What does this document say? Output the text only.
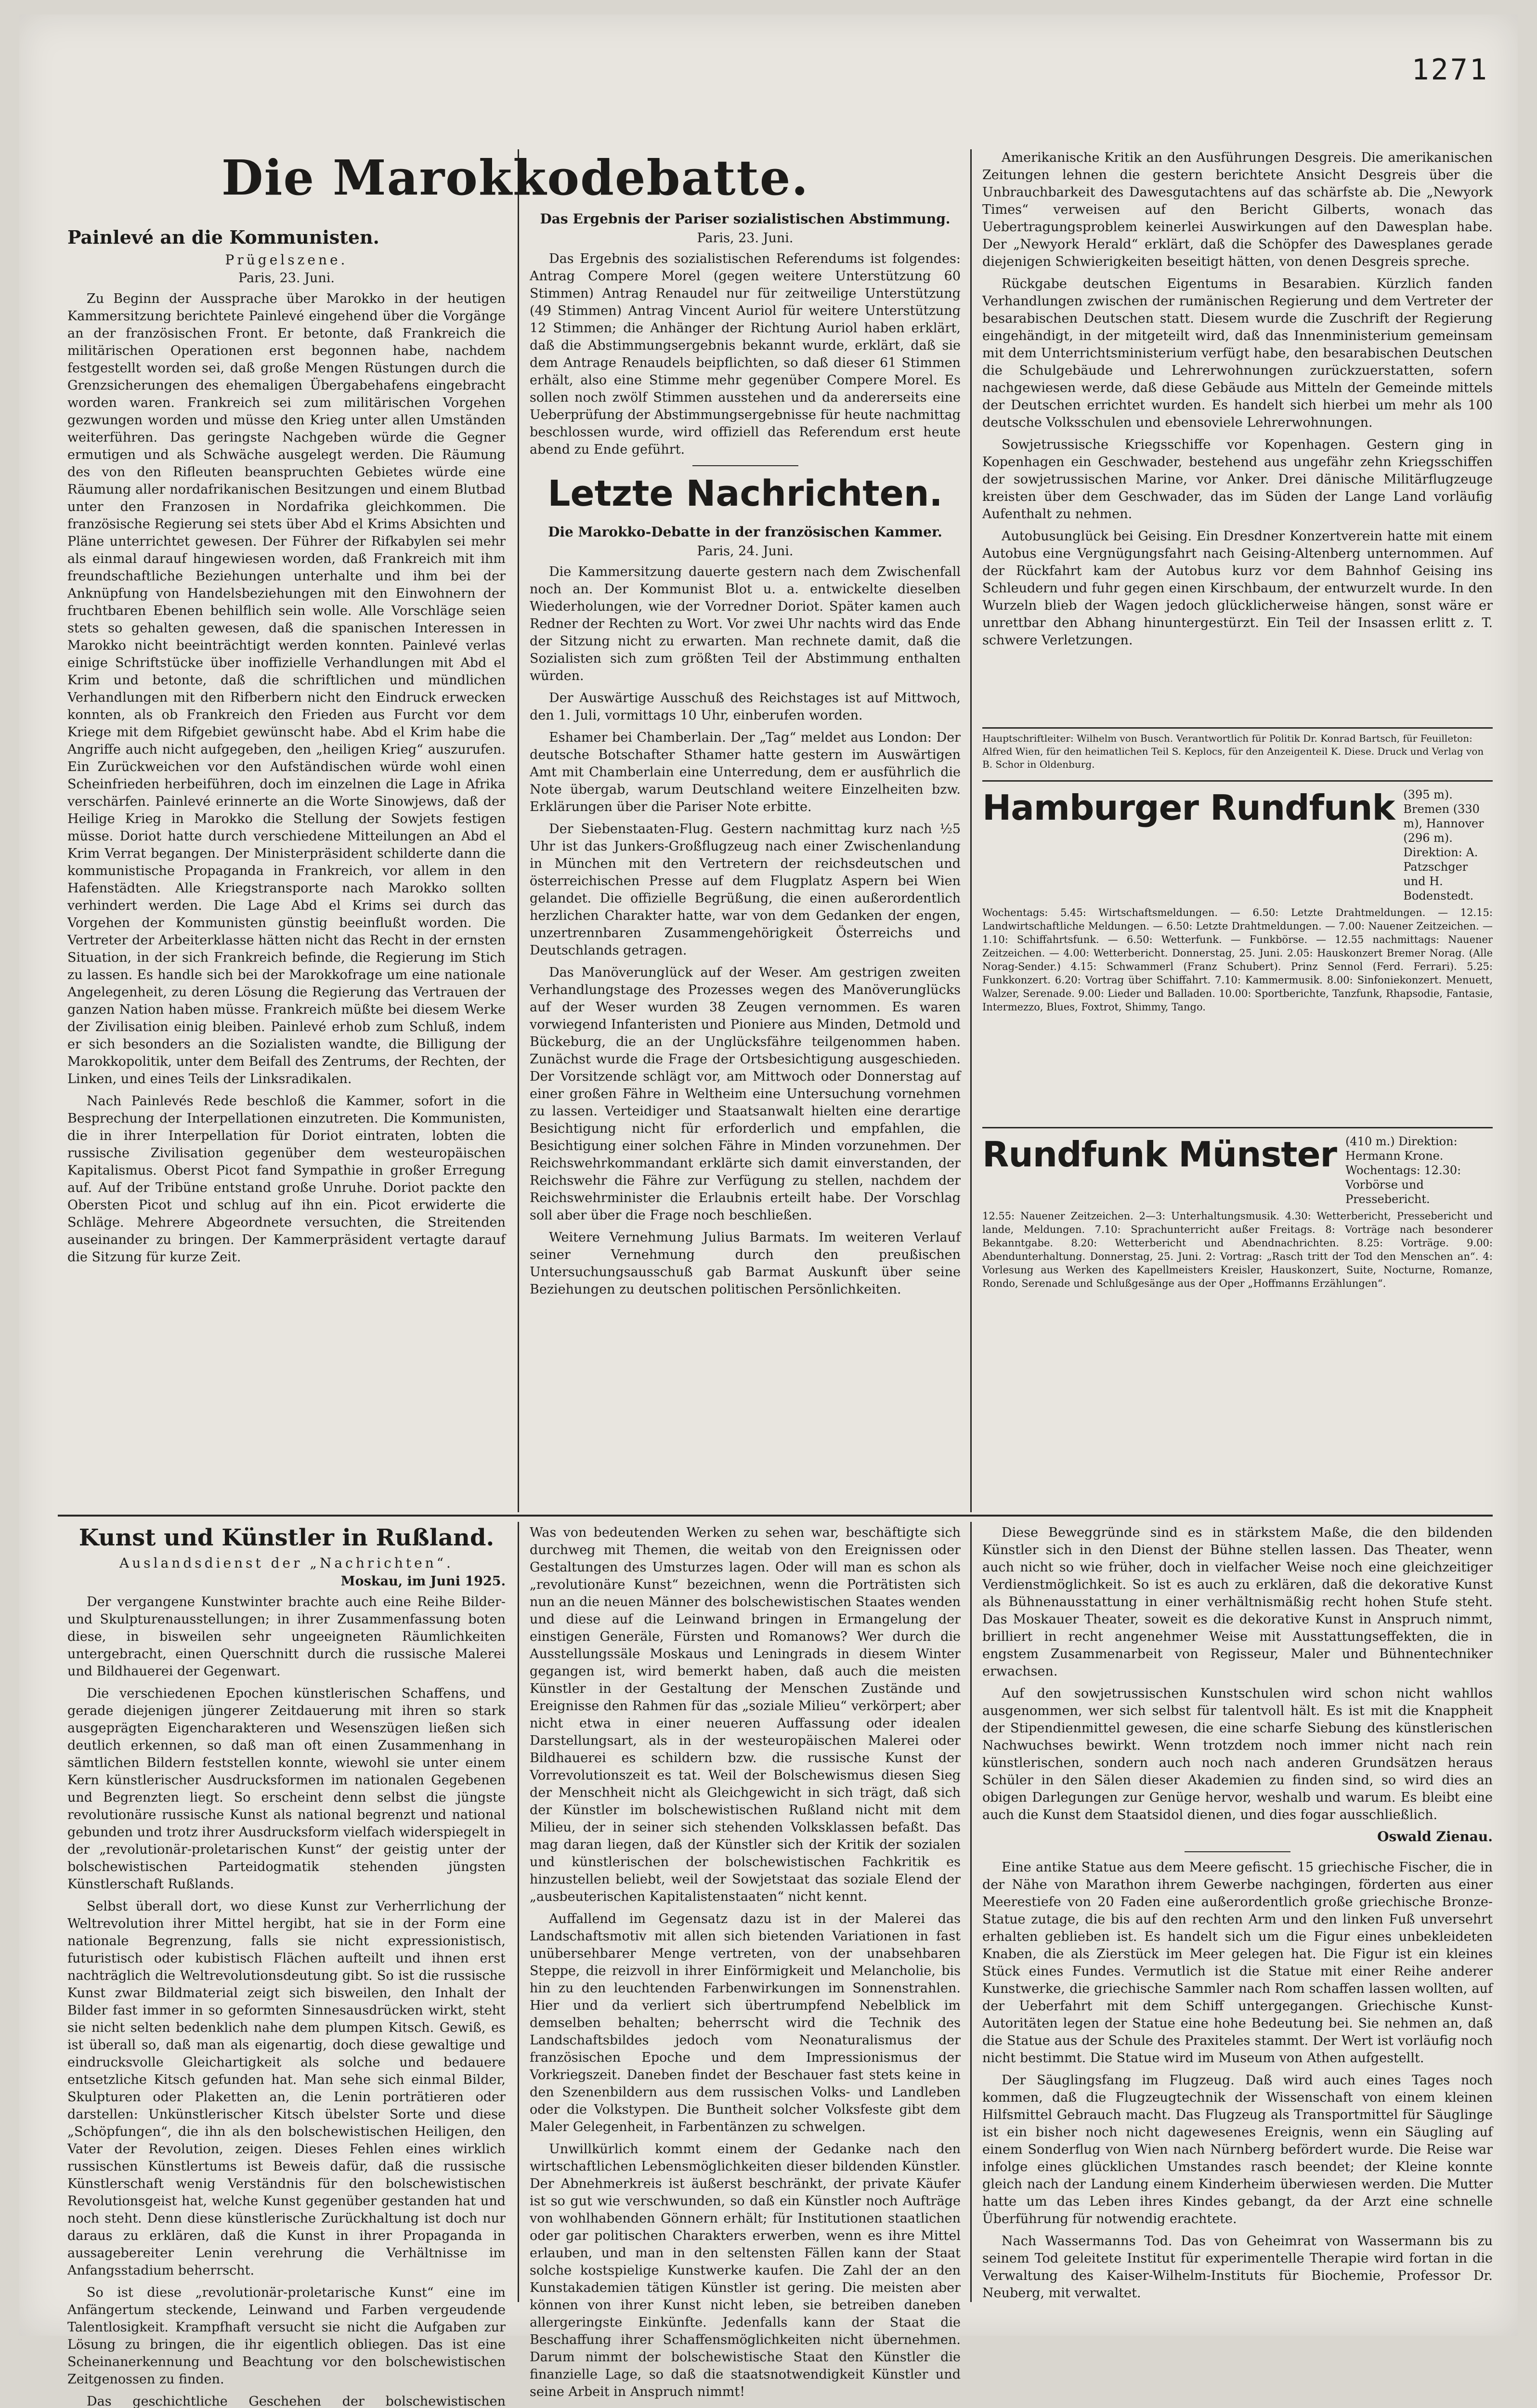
1271
Die Marokkodebatte.
Painlevé an die Kommunisten.
Prügelszene.
Paris, 23. Juni.

Zu Beginn der Aussprache über Marokko in der heutigen Kammersitzung berichtete Painlevé eingehend über die Vorgänge an der französischen Front. Er betonte, daß Frankreich die militärischen Operationen erst begonnen habe, nachdem festgestellt worden sei, daß große Mengen Rüstungen durch die Grenzsicherungen des ehemaligen Übergabehafens eingebracht worden waren. Frankreich sei zum militärischen Vorgehen gezwungen worden und müsse den Krieg unter allen Umständen weiterführen. Das geringste Nachgeben würde die Gegner ermutigen und als Schwäche ausgelegt werden. Die Räumung des von den Rifleuten beanspruchten Gebietes würde eine Räumung aller nordafrikanischen Besitzungen und einem Blutbad unter den Franzosen in Nordafrika gleichkommen. Die französische Regierung sei stets über Abd el Krims Absichten und Pläne unterrichtet gewesen. Der Führer der Rifkabylen sei mehr als einmal darauf hingewiesen worden, daß Frankreich mit ihm freundschaftliche Beziehungen unterhalte und ihm bei der Anknüpfung von Handelsbeziehungen mit den Einwohnern der fruchtbaren Ebenen behilflich sein wolle. Alle Vorschläge seien stets so gehalten gewesen, daß die spanischen Interessen in Marokko nicht beeinträchtigt werden konnten. Painlevé verlas einige Schriftstücke über inoffizielle Verhandlungen mit Abd el Krim und betonte, daß die schriftlichen und mündlichen Verhandlungen mit den Rifberbern nicht den Eindruck erwecken konnten, als ob Frankreich den Frieden aus Furcht vor dem Kriege mit dem Rifgebiet gewünscht habe. Abd el Krim habe die Angriffe auch nicht aufgegeben, den „heiligen Krieg“ auszurufen. Ein Zurückweichen vor den Aufständischen würde wohl einen Scheinfrieden herbeiführen, doch im einzelnen die Lage in Afrika verschärfen. Painlevé erinnerte an die Worte Sinowjews, daß der Heilige Krieg in Marokko die Stellung der Sowjets festigen müsse. Doriot hatte durch verschiedene Mitteilungen an Abd el Krim Verrat begangen. Der Ministerpräsident schilderte dann die kommunistische Propaganda in Frankreich, vor allem in den Hafenstädten. Alle Kriegstransporte nach Marokko sollten verhindert werden. Die Lage Abd el Krims sei durch das Vorgehen der Kommunisten günstig beeinflußt worden. Die Vertreter der Arbeiterklasse hätten nicht das Recht in der ernsten Situation, in der sich Frankreich befinde, die Regierung im Stich zu lassen. Es handle sich bei der Marokkofrage um eine nationale Angelegenheit, zu deren Lösung die Regierung das Vertrauen der ganzen Nation haben müsse. Frankreich müßte bei diesem Werke der Zivilisation einig bleiben. Painlevé erhob zum Schluß, indem er sich besonders an die Sozialisten wandte, die Billigung der Marokkopolitik, unter dem Beifall des Zentrums, der Rechten, der Linken, und eines Teils der Linksradikalen.

Nach Painlevés Rede beschloß die Kammer, sofort in die Besprechung der Interpellationen einzutreten. Die Kommunisten, die in ihrer Interpellation für Doriot eintraten, lobten die russische Zivilisation gegenüber dem westeuropäischen Kapitalismus. Oberst Picot fand Sympathie in großer Erregung auf. Auf der Tribüne entstand große Unruhe. Doriot packte den Obersten Picot und schlug auf ihn ein. Picot erwiderte die Schläge. Mehrere Abgeordnete versuchten, die Streitenden auseinander zu bringen. Der Kammerpräsident vertagte darauf die Sitzung für kurze Zeit.

Das Ergebnis der Pariser sozialistischen Abstimmung.
Paris, 23. Juni.

Das Ergebnis des sozialistischen Referendums ist folgendes: Antrag Compere Morel (gegen weitere Unterstützung 60 Stimmen) Antrag Renaudel nur für zeitweilige Unterstützung (49 Stimmen) Antrag Vincent Auriol für weitere Unterstützung 12 Stimmen; die Anhänger der Richtung Auriol haben erklärt, daß die Abstimmungsergebnis bekannt wurde, erklärt, daß sie dem Antrage Renaudels beipflichten, so daß dieser 61 Stimmen erhält, also eine Stimme mehr gegenüber Compere Morel. Es sollen noch zwölf Stimmen ausstehen und da andererseits eine Ueberprüfung der Abstimmungsergebnisse für heute nachmittag beschlossen wurde, wird offiziell das Referendum erst heute abend zu Ende geführt.

Letzte Nachrichten.
Die Marokko-Debatte in der französischen Kammer.
Paris, 24. Juni.

Die Kammersitzung dauerte gestern nach dem Zwischenfall noch an. Der Kommunist Blot u. a. entwickelte dieselben Wiederholungen, wie der Vorredner Doriot. Später kamen auch Redner der Rechten zu Wort. Vor zwei Uhr nachts wird das Ende der Sitzung nicht zu erwarten. Man rechnete damit, daß die Sozialisten sich zum größten Teil der Abstimmung enthalten würden.

Der Auswärtige Ausschuß des Reichstages ist auf Mittwoch, den 1. Juli, vormittags 10 Uhr, einberufen worden.

Eshamer bei Chamberlain. Der „Tag“ meldet aus London: Der deutsche Botschafter Sthamer hatte gestern im Auswärtigen Amt mit Chamberlain eine Unterredung, dem er ausführlich die Note übergab, warum Deutschland weitere Einzelheiten bzw. Erklärungen über die Pariser Note erbitte.

Der Siebenstaaten-Flug. Gestern nachmittag kurz nach ½5 Uhr ist das Junkers-Großflugzeug nach einer Zwischenlandung in München mit den Vertretern der reichsdeutschen und österreichischen Presse auf dem Flugplatz Aspern bei Wien gelandet. Die offizielle Begrüßung, die einen außerordentlich herzlichen Charakter hatte, war von dem Gedanken der engen, unzertrennbaren Zusammengehörigkeit Österreichs und Deutschlands getragen.

Das Manöverunglück auf der Weser. Am gestrigen zweiten Verhandlungstage des Prozesses wegen des Manöverunglücks auf der Weser wurden 38 Zeugen vernommen. Es waren vorwiegend Infanteristen und Pioniere aus Minden, Detmold und Bückeburg, die an der Unglücksfähre teilgenommen haben. Zunächst wurde die Frage der Ortsbesichtigung ausgeschieden. Der Vorsitzende schlägt vor, am Mittwoch oder Donnerstag auf einer großen Fähre in Weltheim eine Untersuchung vornehmen zu lassen. Verteidiger und Staatsanwalt hielten eine derartige Besichtigung nicht für erforderlich und empfahlen, die Besichtigung einer solchen Fähre in Minden vorzunehmen. Der Reichswehrkommandant erklärte sich damit einverstanden, der Reichswehr die Fähre zur Verfügung zu stellen, nachdem der Reichswehrminister die Erlaubnis erteilt habe. Der Vorschlag soll aber über die Frage noch beschließen.

Weitere Vernehmung Julius Barmats. Im weiteren Verlauf seiner Vernehmung durch den preußischen Untersuchungsausschuß gab Barmat Auskunft über seine Beziehungen zu deutschen politischen Persönlichkeiten.

Amerikanische Kritik an den Ausführungen Desgreis. Die amerikanischen Zeitungen lehnen die gestern berichtete Ansicht Desgreis über die Unbrauchbarkeit des Dawesgutachtens auf das schärfste ab. Die „Newyork Times“ verweisen auf den Bericht Gilberts, wonach das Uebertragungsproblem keinerlei Auswirkungen auf den Dawesplan habe. Der „Newyork Herald“ erklärt, daß die Schöpfer des Dawesplanes gerade diejenigen Schwierigkeiten beseitigt hätten, von denen Desgreis spreche.

Rückgabe deutschen Eigentums in Besarabien. Kürzlich fanden Verhandlungen zwischen der rumänischen Regierung und dem Vertreter der besarabischen Deutschen statt. Diesem wurde die Zuschrift der Regierung eingehändigt, in der mitgeteilt wird, daß das Innenministerium gemeinsam mit dem Unterrichtsministerium verfügt habe, den besarabischen Deutschen die Schulgebäude und Lehrerwohnungen zurückzuerstatten, sofern nachgewiesen werde, daß diese Gebäude aus Mitteln der Gemeinde mittels der Deutschen errichtet wurden. Es handelt sich hierbei um mehr als 100 deutsche Volksschulen und ebensoviele Lehrerwohnungen.

Sowjetrussische Kriegsschiffe vor Kopenhagen. Gestern ging in Kopenhagen ein Geschwader, bestehend aus ungefähr zehn Kriegsschiffen der sowjetrussischen Marine, vor Anker. Drei dänische Militärflugzeuge kreisten über dem Geschwader, das im Süden der Lange Land vorläufig Aufenthalt zu nehmen.

Autobusunglück bei Geising. Ein Dresdner Konzertverein hatte mit einem Autobus eine Vergnügungsfahrt nach Geising-Altenberg unternommen. Auf der Rückfahrt kam der Autobus kurz vor dem Bahnhof Geising ins Schleudern und fuhr gegen einen Kirschbaum, der entwurzelt wurde. In den Wurzeln blieb der Wagen jedoch glücklicherweise hängen, sonst wäre er unrettbar den Abhang hinuntergestürzt. Ein Teil der Insassen erlitt z. T. schwere Verletzungen.

Hauptschriftleiter: Wilhelm von Busch. Verantwortlich für Politik Dr. Konrad Bartsch, für Feuilleton: Alfred Wien, für den heimatlichen Teil S. Keplocs, für den Anzeigenteil K. Diese. Druck und Verlag von B. Schor in Oldenburg.
Hamburger Rundfunk (395 m). Bremen (330 m), Hannover (296 m). Direktion: A. Patzschger und H. Bodenstedt.

Wochentags: 5.45: Wirtschaftsmeldungen. — 6.50: Letzte Drahtmeldungen. — 12.15: Landwirtschaftliche Meldungen. — 6.50: Letzte Drahtmeldungen. — 7.00: Nauener Zeitzeichen. — 1.10: Schiffahrtsfunk. — 6.50: Wetterfunk. — Funkbörse. — 12.55 nachmittags: Nauener Zeitzeichen. — 4.00: Wetterbericht. Donnerstag, 25. Juni. 2.05: Hauskonzert Bremer Norag. (Alle Norag-Sender.) 4.15: Schwammerl (Franz Schubert). Prinz Sennol (Ferd. Ferrari). 5.25: Funkkonzert. 6.20: Vortrag über Schiffahrt. 7.10: Kammermusik. 8.00: Sinfoniekonzert. Menuett, Walzer, Serenade. 9.00: Lieder und Balladen. 10.00: Sportberichte, Tanzfunk, Rhapsodie, Fantasie, Intermezzo, Blues, Foxtrot, Shimmy, Tango.

Rundfunk Münster (410 m.) Direktion: Hermann Krone. Wochentags: 12.30: Vorbörse und Pressebericht.

12.55: Nauener Zeitzeichen. 2—3: Unterhaltungsmusik. 4.30: Wetterbericht, Pressebericht und lande, Meldungen. 7.10: Sprachunterricht außer Freitags. 8: Vorträge nach besonderer Bekanntgabe. 8.20: Wetterbericht und Abendnachrichten. 8.25: Vorträge. 9.00: Abendunterhaltung. Donnerstag, 25. Juni. 2: Vortrag: „Rasch tritt der Tod den Menschen an“. 4: Vorlesung aus Werken des Kapellmeisters Kreisler, Hauskonzert, Suite, Nocturne, Romanze, Rondo, Serenade und Schlußgesänge aus der Oper „Hoffmanns Erzählungen“.

Kunst und Künstler in Rußland.
Auslandsdienst der „Nachrichten“.
Moskau, im Juni 1925.

Der vergangene Kunstwinter brachte auch eine Reihe Bilder- und Skulpturenausstellungen; in ihrer Zusammenfassung boten diese, in bisweilen sehr ungeeigneten Räumlichkeiten untergebracht, einen Querschnitt durch die russische Malerei und Bildhauerei der Gegenwart.

Die verschiedenen Epochen künstlerischen Schaffens, und gerade diejenigen jüngerer Zeitdauerung mit ihren so stark ausgeprägten Eigencharakteren und Wesenszügen ließen sich deutlich erkennen, so daß man oft einen Zusammenhang in sämtlichen Bildern feststellen konnte, wiewohl sie unter einem Kern künstlerischer Ausdrucksformen im nationalen Gegebenen und Begrenzten liegt. So erscheint denn selbst die jüngste revolutionäre russische Kunst als national begrenzt und national gebunden und trotz ihrer Ausdrucksform vielfach widerspiegelt in der „revolutionär-proletarischen Kunst“ der geistig unter der bolschewistischen Parteidogmatik stehenden jüngsten Künstlerschaft Rußlands.

Selbst überall dort, wo diese Kunst zur Verherrlichung der Weltrevolution ihrer Mittel hergibt, hat sie in der Form eine nationale Begrenzung, falls sie nicht expressionistisch, futuristisch oder kubistisch Flächen aufteilt und ihnen erst nachträglich die Weltrevolutionsdeutung gibt. So ist die russische Kunst zwar Bildmaterial zeigt sich bisweilen, den Inhalt der Bilder fast immer in so geformten Sinnesausdrücken wirkt, steht sie nicht selten bedenklich nahe dem plumpen Kitsch. Gewiß, es ist überall so, daß man als eigenartig, doch diese gewaltige und eindrucksvolle Gleichartigkeit als solche und bedauere entsetzliche Kitsch gefunden hat. Man sehe sich einmal Bilder, Skulpturen oder Plaketten an, die Lenin porträtieren oder darstellen: Unkünstlerischer Kitsch übelster Sorte und diese „Schöpfungen“, die ihn als den bolschewistischen Heiligen, den Vater der Revolution, zeigen. Dieses Fehlen eines wirklich russischen Künstlertums ist Beweis dafür, daß die russische Künstlerschaft wenig Verständnis für den bolschewistischen Revolutionsgeist hat, welche Kunst gegenüber gestanden hat und noch steht. Denn diese künstlerische Zurückhaltung ist doch nur daraus zu erklären, daß die Kunst in ihrer Propaganda in aussagebereiter Lenin verehrung die Verhältnisse im Anfangsstadium beherrscht.

So ist diese „revolutionär-proletarische Kunst“ eine im Anfängertum steckende, Leinwand und Farben vergeudende Talentlosigkeit. Krampfhaft versucht sie nicht die Aufgaben zur Lösung zu bringen, die ihr eigentlich obliegen. Das ist eine Scheinanerkennung und Beachtung vor den bolschewistischen Zeitgenossen zu finden.

Das geschichtliche Geschehen der bolschewistischen

Was von bedeutenden Werken zu sehen war, beschäftigte sich durchweg mit Themen, die weitab von den Ereignissen oder Gestaltungen des Umsturzes lagen. Oder will man es schon als „revolutionäre Kunst“ bezeichnen, wenn die Porträtisten sich nun an die neuen Männer des bolschewistischen Staates wenden und diese auf die Leinwand bringen in Ermangelung der einstigen Generäle, Fürsten und Romanows? Wer durch die Ausstellungssäle Moskaus und Leningrads in diesem Winter gegangen ist, wird bemerkt haben, daß auch die meisten Künstler in der Gestaltung der Menschen Zustände und Ereignisse den Rahmen für das „soziale Milieu“ verkörpert; aber nicht etwa in einer neueren Auffassung oder idealen Darstellungsart, als in der westeuropäischen Malerei oder Bildhauerei es schildern bzw. die russische Kunst der Vorrevolutionszeit es tat. Weil der Bolschewismus diesen Sieg der Menschheit nicht als Gleichgewicht in sich trägt, daß sich der Künstler im bolschewistischen Rußland nicht mit dem Milieu, der in seiner sich stehenden Volksklassen befaßt. Das mag daran liegen, daß der Künstler sich der Kritik der sozialen und künstlerischen der bolschewistischen Fachkritik es hinzustellen beliebt, weil der Sowjetstaat das soziale Elend der „ausbeuterischen Kapitalistenstaaten“ nicht kennt.

Auffallend im Gegensatz dazu ist in der Malerei das Landschaftsmotiv mit allen sich bietenden Variationen in fast unübersehbarer Menge vertreten, von der unabsehbaren Steppe, die reizvoll in ihrer Einförmigkeit und Melancholie, bis hin zu den leuchtenden Farbenwirkungen im Sonnenstrahlen. Hier und da verliert sich übertrumpfend Nebelblick im demselben behalten; beherrscht wird die Technik des Landschaftsbildes jedoch vom Neonaturalismus der französischen Epoche und dem Impressionismus der Vorkriegszeit. Daneben findet der Beschauer fast stets keine in den Szenenbildern aus dem russischen Volks- und Landleben oder die Volkstypen. Die Buntheit solcher Volksfeste gibt dem Maler Gelegenheit, in Farbentänzen zu schwelgen.

Unwillkürlich kommt einem der Gedanke nach den wirtschaftlichen Lebensmöglichkeiten dieser bildenden Künstler. Der Abnehmerkreis ist äußerst beschränkt, der private Käufer ist so gut wie verschwunden, so daß ein Künstler noch Aufträge von wohlhabenden Gönnern erhält; für Institutionen staatlichen oder gar politischen Charakters erwerben, wenn es ihre Mittel erlauben, und man in den seltensten Fällen kann der Staat solche kostspielige Kunstwerke kaufen. Die Zahl der an den Kunstakademien tätigen Künstler ist gering. Die meisten aber können von ihrer Kunst nicht leben, sie betreiben daneben allergeringste Einkünfte. Jedenfalls kann der Staat die Beschaffung ihrer Schaffensmöglichkeiten nicht übernehmen. Darum nimmt der bolschewistische Staat den Künstler die finanzielle Lage, so daß die staatsnotwendigkeit Künstler und seine Arbeit in Anspruch nimmt!

Diese Beweggründe sind es in stärkstem Maße, die den bildenden Künstler sich in den Dienst der Bühne stellen lassen. Das Theater, wenn auch nicht so wie früher, doch in vielfacher Weise noch eine gleichzeitiger Verdienstmöglichkeit. So ist es auch zu erklären, daß die dekorative Kunst als Bühnenausstattung in einer verhältnismäßig recht hohen Stufe steht. Das Moskauer Theater, soweit es die dekorative Kunst in Anspruch nimmt, brilliert in recht angenehmer Weise mit Ausstattungseffekten, die in engstem Zusammenarbeit von Regisseur, Maler und Bühnentechniker erwachsen.

Auf den sowjetrussischen Kunstschulen wird schon nicht wahllos ausgenommen, wer sich selbst für talentvoll hält. Es ist mit die Knappheit der Stipendienmittel gewesen, die eine scharfe Siebung des künstlerischen Nachwuchses bewirkt. Wenn trotzdem noch immer nicht nach rein künstlerischen, sondern auch noch nach anderen Grundsätzen heraus Schüler in den Sälen dieser Akademien zu finden sind, so wird dies an obigen Darlegungen zur Genüge hervor, weshalb und warum. Es bleibt eine auch die Kunst dem Staatsidol dienen, und dies fogar ausschließlich.

Oswald Zienau.

Eine antike Statue aus dem Meere gefischt. 15 griechische Fischer, die in der Nähe von Marathon ihrem Gewerbe nachgingen, förderten aus einer Meerestiefe von 20 Faden eine außerordentlich große griechische Bronze-Statue zutage, die bis auf den rechten Arm und den linken Fuß unversehrt erhalten geblieben ist. Es handelt sich um die Figur eines unbekleideten Knaben, die als Zierstück im Meer gelegen hat. Die Figur ist ein kleines Stück eines Fundes. Vermutlich ist die Statue mit einer Reihe anderer Kunstwerke, die griechische Sammler nach Rom schaffen lassen wollten, auf der Ueberfahrt mit dem Schiff untergegangen. Griechische Kunst-Autoritäten legen der Statue eine hohe Bedeutung bei. Sie nehmen an, daß die Statue aus der Schule des Praxiteles stammt. Der Wert ist vorläufig noch nicht bestimmt. Die Statue wird im Museum von Athen aufgestellt.

Der Säuglingsfang im Flugzeug. Daß wird auch eines Tages noch kommen, daß die Flugzeugtechnik der Wissenschaft von einem kleinen Hilfsmittel Gebrauch macht. Das Flugzeug als Transportmittel für Säuglinge ist ein bisher noch nicht dagewesenes Ereignis, wenn ein Säugling auf einem Sonderflug von Wien nach Nürnberg befördert wurde. Die Reise war infolge eines glücklichen Umstandes rasch beendet; der Kleine konnte gleich nach der Landung einem Kinderheim überwiesen werden. Die Mutter hatte um das Leben ihres Kindes gebangt, da der Arzt eine schnelle Überführung für notwendig erachtete.

Nach Wassermanns Tod. Das von Geheimrat von Wassermann bis zu seinem Tod geleitete Institut für experimentelle Therapie wird fortan in die Verwaltung des Kaiser-Wilhelm-Instituts für Biochemie, Professor Dr. Neuberg, mit verwaltet.
